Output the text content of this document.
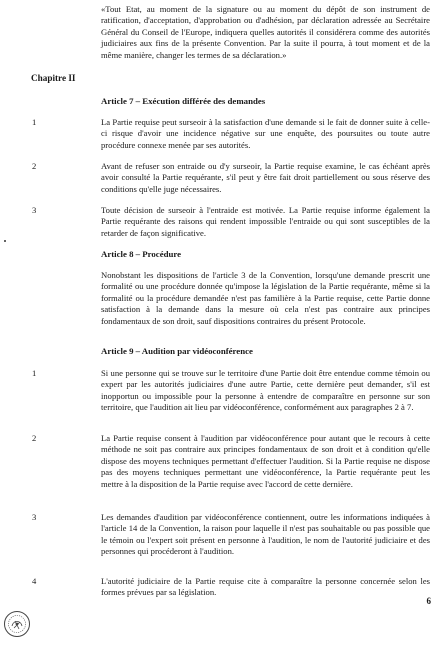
«Tout Etat, au moment de la signature ou au moment du dépôt de son instrument de ratification, d'acceptation, d'approbation ou d'adhésion, par déclaration adressée au Secrétaire Général du Conseil de l'Europe, indiquera quelles autorités il considérera comme des autorités judiciaires aux fins de la présente Convention. Par la suite il pourra, à tout moment et de la même manière, changer les termes de sa déclaration.»
Chapitre II
Article 7 – Exécution différée des demandes
1	La Partie requise peut surseoir à la satisfaction d'une demande si le fait de donner suite à celle-ci risque d'avoir une incidence négative sur une enquête, des poursuites ou toute autre procédure connexe menée par ses autorités.
2	Avant de refuser son entraide ou d'y surseoir, la Partie requise examine, le cas échéant après avoir consulté la Partie requérante, s'il peut y être fait droit partiellement ou sous réserve des conditions qu'elle juge nécessaires.
3	Toute décision de surseoir à l'entraide est motivée. La Partie requise informe également la Partie requérante des raisons qui rendent impossible l'entraide ou qui sont susceptibles de la retarder de façon significative.
Article 8 – Procédure
Nonobstant les dispositions de l'article 3 de la Convention, lorsqu'une demande prescrit une formalité ou une procédure donnée qu'impose la législation de la Partie requérante, même si la formalité ou la procédure demandée n'est pas familière à la Partie requise, cette Partie donne satisfaction à la demande dans la mesure où cela n'est pas contraire aux principes fondamentaux de son droit, sauf dispositions contraires du présent Protocole.
Article 9 – Audition par vidéoconférence
1	Si une personne qui se trouve sur le territoire d'une Partie doit être entendue comme témoin ou expert par les autorités judiciaires d'une autre Partie, cette dernière peut demander, s'il est inopportun ou impossible pour la personne à entendre de comparaître en personne sur son territoire, que l'audition ait lieu par vidéoconférence, conformément aux paragraphes 2 à 7.
2	La Partie requise consent à l'audition par vidéoconférence pour autant que le recours à cette méthode ne soit pas contraire aux principes fondamentaux de son droit et à condition qu'elle dispose des moyens techniques permettant d'effectuer l'audition. Si la Partie requise ne dispose pas des moyens techniques permettant une vidéoconférence, la Partie requérante peut les mettre à la disposition de la Partie requise avec l'accord de cette dernière.
3	Les demandes d'audition par vidéoconférence contiennent, outre les informations indiquées à l'article 14 de la Convention, la raison pour laquelle il n'est pas souhaitable ou pas possible que le témoin ou l'expert soit présent en personne à l'audition, le nom de l'autorité judiciaire et des personnes qui procéderont à l'audition.
4	L'autorité judiciaire de la Partie requise cite à comparaître la personne concernée selon les formes prévues par sa législation.
6
